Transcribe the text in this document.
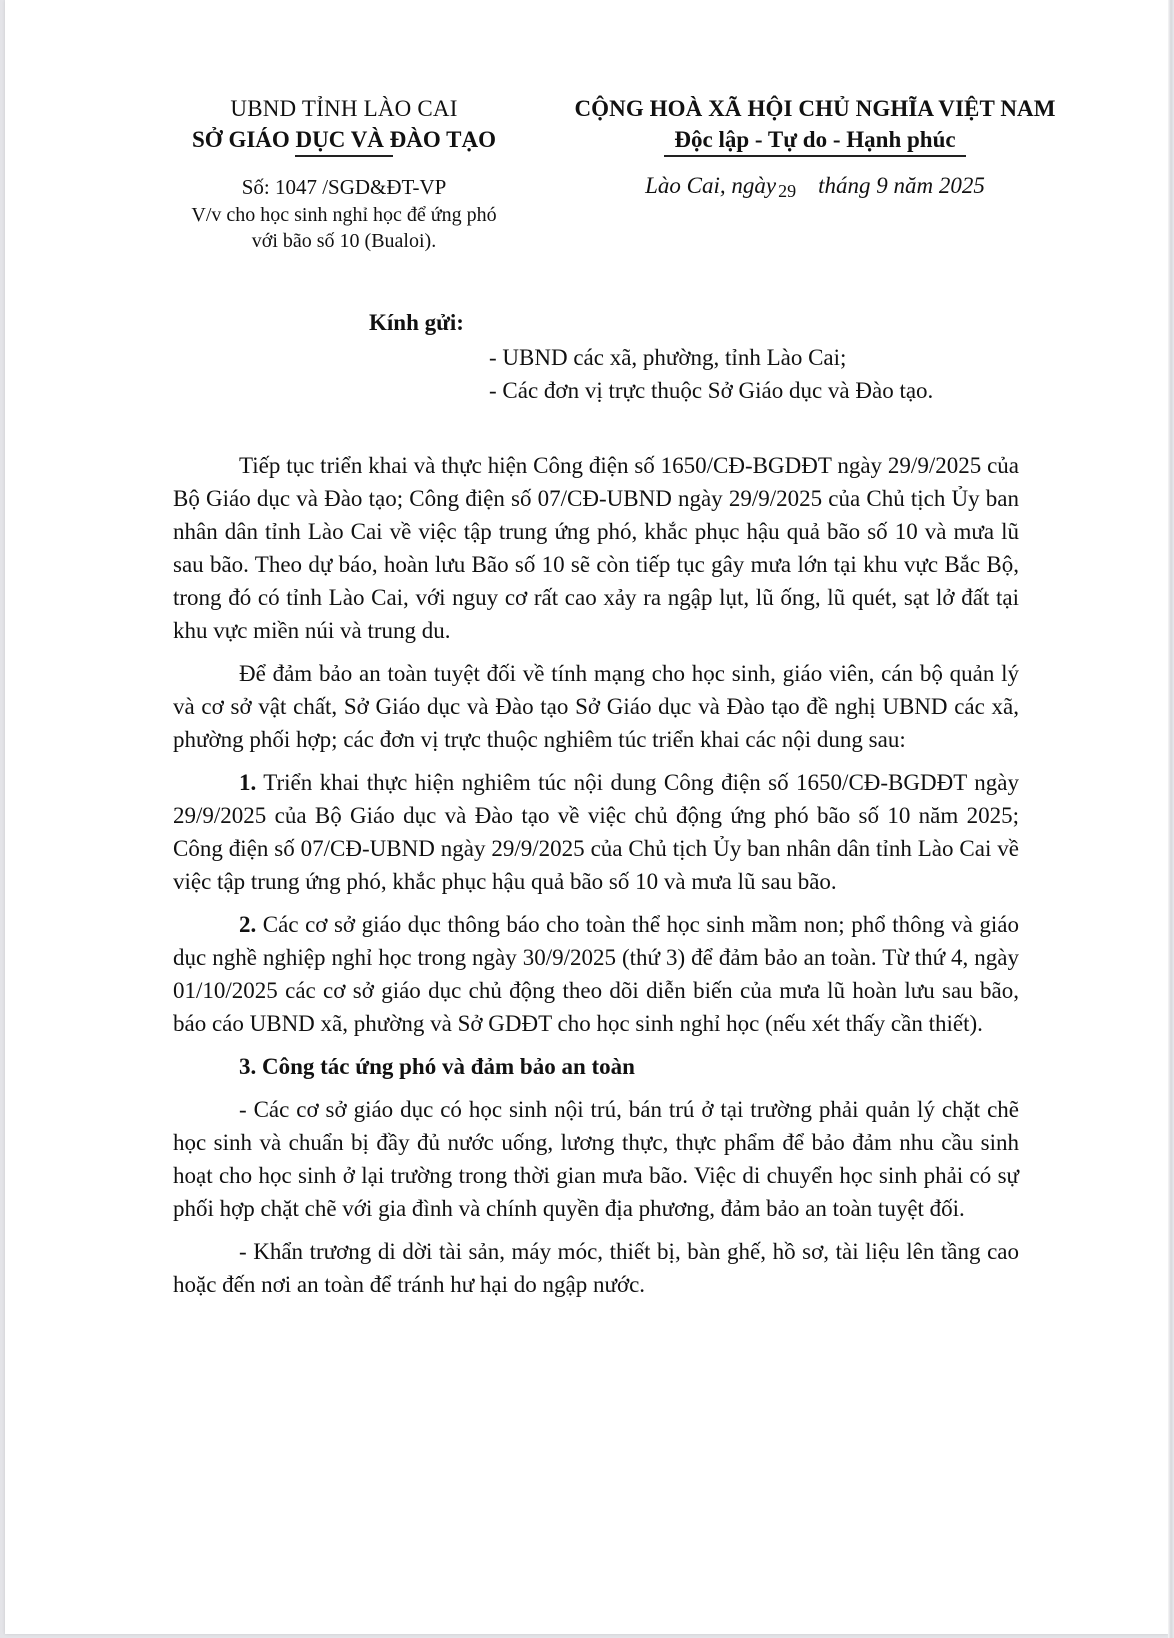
UBND TỈNH LÀO CAI
SỞ GIÁO DỤC VÀ ĐÀO TẠO
Số: 1047 /SGD&ĐT-VP
V/v cho học sinh nghỉ học để ứng phó
với bão số 10 (Bualoi).
CỘNG HOÀ XÃ HỘI CHỦ NGHĨA VIỆT NAM
Độc lập - Tự do - Hạnh phúc
Lào Cai, ngày 29 tháng 9 năm 2025
Kính gửi:
- UBND các xã, phường, tỉnh Lào Cai;
- Các đơn vị trực thuộc Sở Giáo dục và Đào tạo.

Tiếp tục triển khai và thực hiện Công điện số 1650/CĐ-BGDĐT ngày 29/9/2025 của Bộ Giáo dục và Đào tạo; Công điện số 07/CĐ-UBND ngày 29/9/2025 của Chủ tịch Ủy ban nhân dân tỉnh Lào Cai về việc tập trung ứng phó, khắc phục hậu quả bão số 10 và mưa lũ sau bão. Theo dự báo, hoàn lưu Bão số 10 sẽ còn tiếp tục gây mưa lớn tại khu vực Bắc Bộ, trong đó có tỉnh Lào Cai, với nguy cơ rất cao xảy ra ngập lụt, lũ ống, lũ quét, sạt lở đất tại khu vực miền núi và trung du.

Để đảm bảo an toàn tuyệt đối về tính mạng cho học sinh, giáo viên, cán bộ quản lý và cơ sở vật chất, Sở Giáo dục và Đào tạo Sở Giáo dục và Đào tạo đề nghị UBND các xã, phường phối hợp; các đơn vị trực thuộc nghiêm túc triển khai các nội dung sau:

1. Triển khai thực hiện nghiêm túc nội dung Công điện số 1650/CĐ-BGDĐT ngày 29/9/2025 của Bộ Giáo dục và Đào tạo về việc chủ động ứng phó bão số 10 năm 2025; Công điện số 07/CĐ-UBND ngày 29/9/2025 của Chủ tịch Ủy ban nhân dân tỉnh Lào Cai về việc tập trung ứng phó, khắc phục hậu quả bão số 10 và mưa lũ sau bão.

2. Các cơ sở giáo dục thông báo cho toàn thể học sinh mầm non; phổ thông và giáo dục nghề nghiệp nghỉ học trong ngày 30/9/2025 (thứ 3) để đảm bảo an toàn. Từ thứ 4, ngày 01/10/2025 các cơ sở giáo dục chủ động theo dõi diễn biến của mưa lũ hoàn lưu sau bão, báo cáo UBND xã, phường và Sở GDĐT cho học sinh nghỉ học (nếu xét thấy cần thiết).

3. Công tác ứng phó và đảm bảo an toàn

- Các cơ sở giáo dục có học sinh nội trú, bán trú ở tại trường phải quản lý chặt chẽ học sinh và chuẩn bị đầy đủ nước uống, lương thực, thực phẩm để bảo đảm nhu cầu sinh hoạt cho học sinh ở lại trường trong thời gian mưa bão. Việc di chuyển học sinh phải có sự phối hợp chặt chẽ với gia đình và chính quyền địa phương, đảm bảo an toàn tuyệt đối.

- Khẩn trương di dời tài sản, máy móc, thiết bị, bàn ghế, hồ sơ, tài liệu lên tầng cao hoặc đến nơi an toàn để tránh hư hại do ngập nước.
